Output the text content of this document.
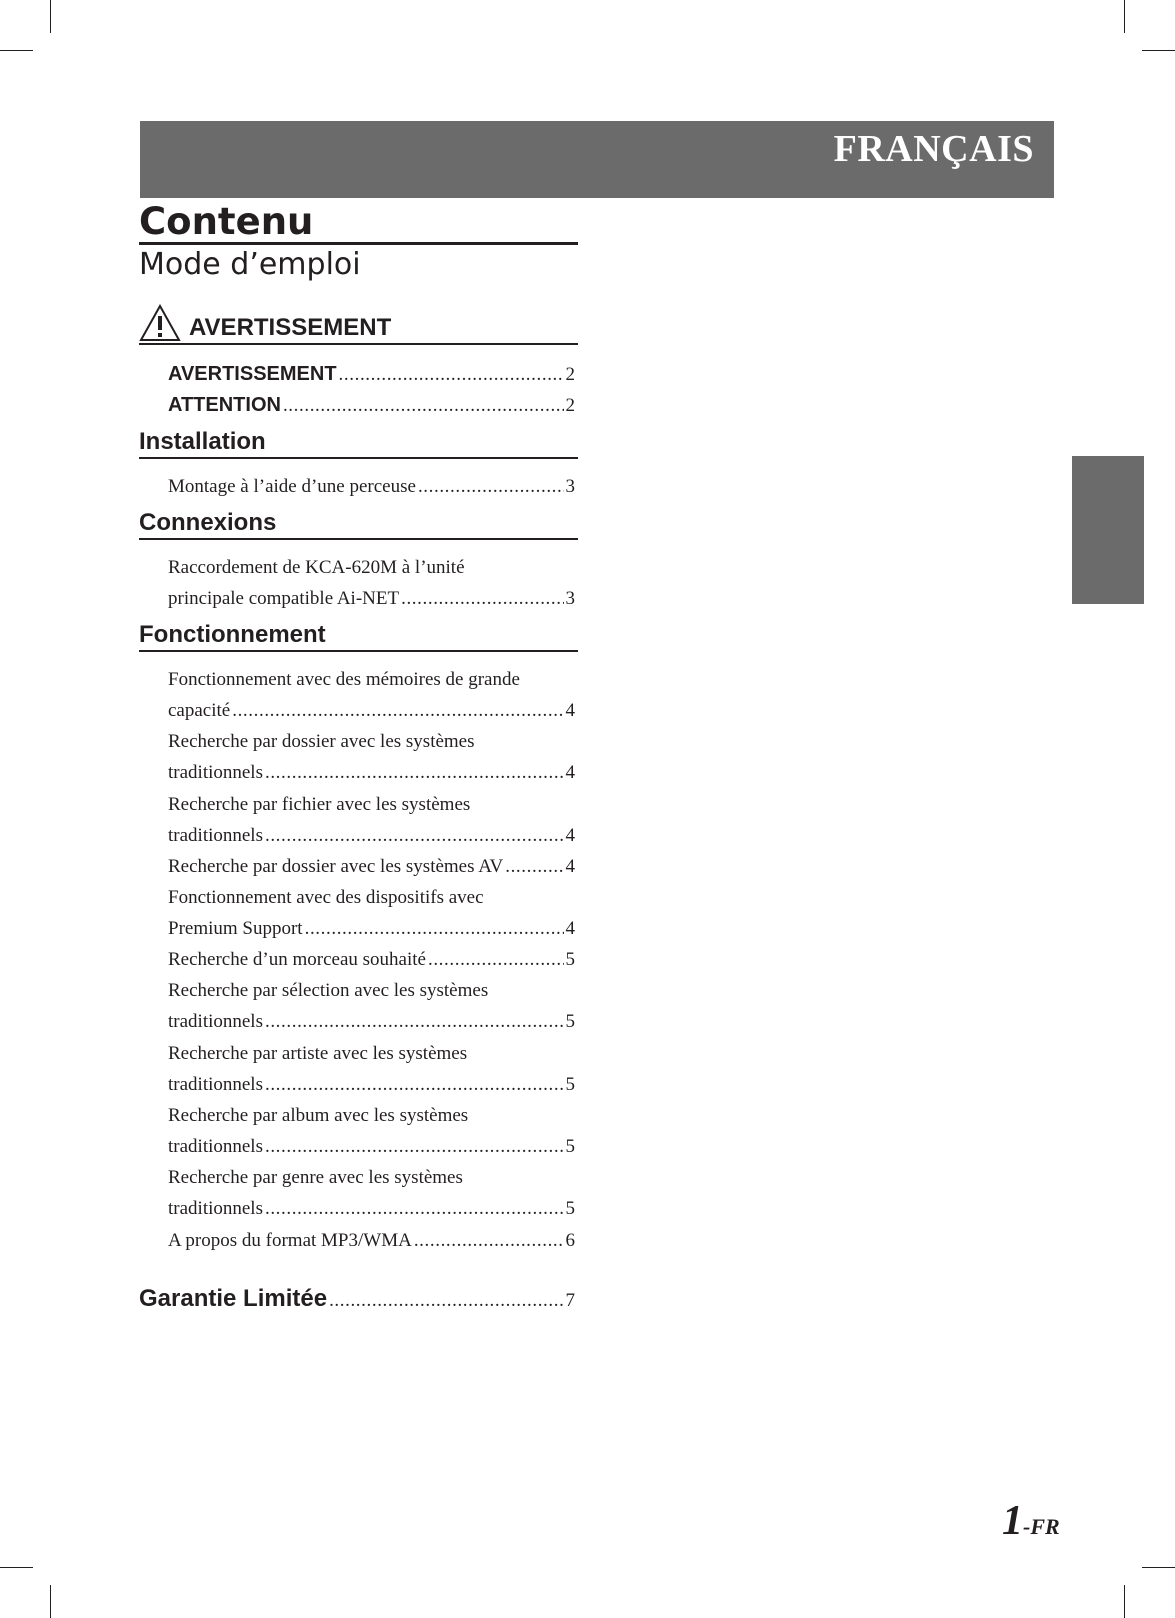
FRANÇAIS
Contenu
Mode d’emploi
AVERTISSEMENT
AVERTISSEMENT .....	2
ATTENTION .....	2
Installation
Montage à l’aide d’une perceuse .....	3
Connexions
Raccordement de KCA-620M à l’unité
principale compatible Ai-NET .....	3
Fonctionnement
Fonctionnement avec des mémoires de grande
capacité .....	4
Recherche par dossier avec les systèmes
traditionnels .....	4
Recherche par fichier avec les systèmes
traditionnels .....	4
Recherche par dossier avec les systèmes AV .....	4
Fonctionnement avec des dispositifs avec
Premium Support .....	4
Recherche d’un morceau souhaité .....	5
Recherche par sélection avec les systèmes
traditionnels .....	5
Recherche par artiste avec les systèmes
traditionnels .....	5
Recherche par album avec les systèmes
traditionnels .....	5
Recherche par genre avec les systèmes
traditionnels .....	5
A propos du format MP3/WMA .....	6
Garantie Limitée .....	7
1-FR
